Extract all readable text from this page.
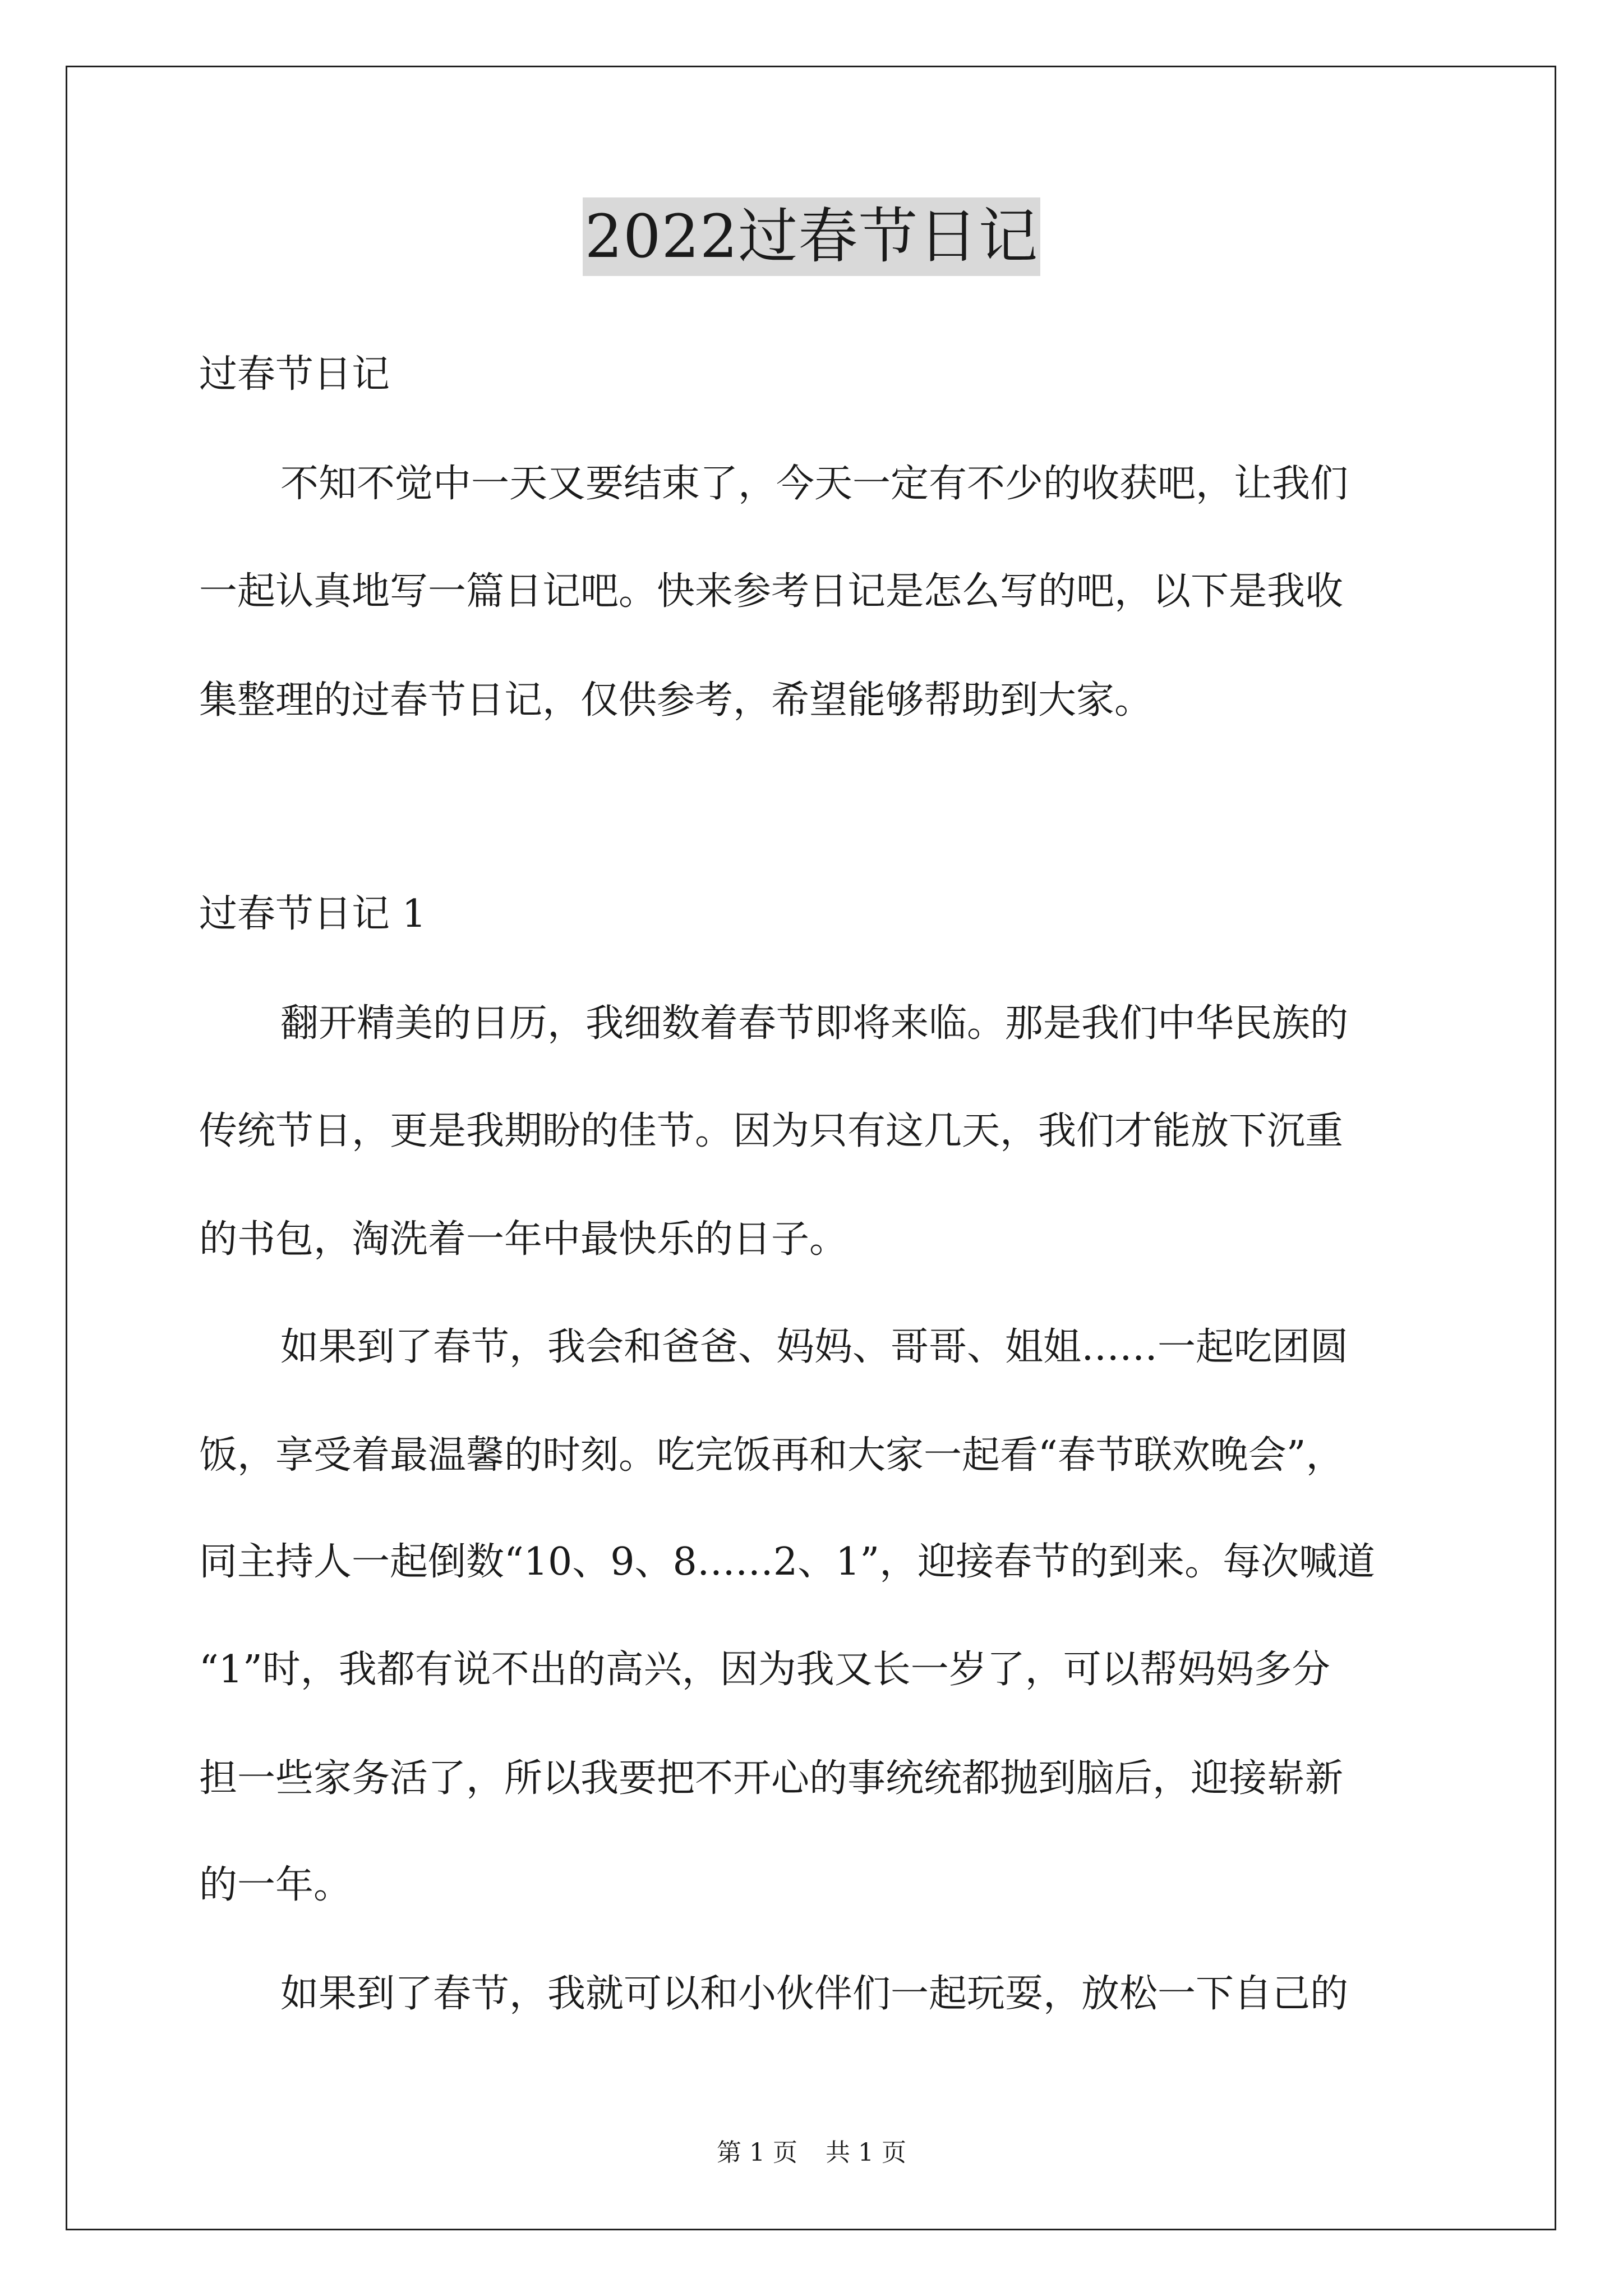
2022过春节日记
过春节日记
不知不觉中一天又要结束了，今天一定有不少的收获吧，让我们
一起认真地写一篇日记吧。快来参考日记是怎么写的吧，以下是我收
集整理的过春节日记，仅供参考，希望能够帮助到大家。
过春节日记 1
翻开精美的日历，我细数着春节即将来临。那是我们中华民族的
传统节日，更是我期盼的佳节。因为只有这几天，我们才能放下沉重
的书包，淘洗着一年中最快乐的日子。
如果到了春节，我会和爸爸、妈妈、哥哥、姐姐……一起吃团圆
饭，享受着最温馨的时刻。吃完饭再和大家一起看“春节联欢晚会”，
同主持人一起倒数“10、9、8……2、1”，迎接春节的到来。每次喊道
“1”时，我都有说不出的高兴，因为我又长一岁了，可以帮妈妈多分
担一些家务活了，所以我要把不开心的事统统都抛到脑后，迎接崭新
的一年。
如果到了春节，我就可以和小伙伴们一起玩耍，放松一下自己的
第 1 页 共 1 页
